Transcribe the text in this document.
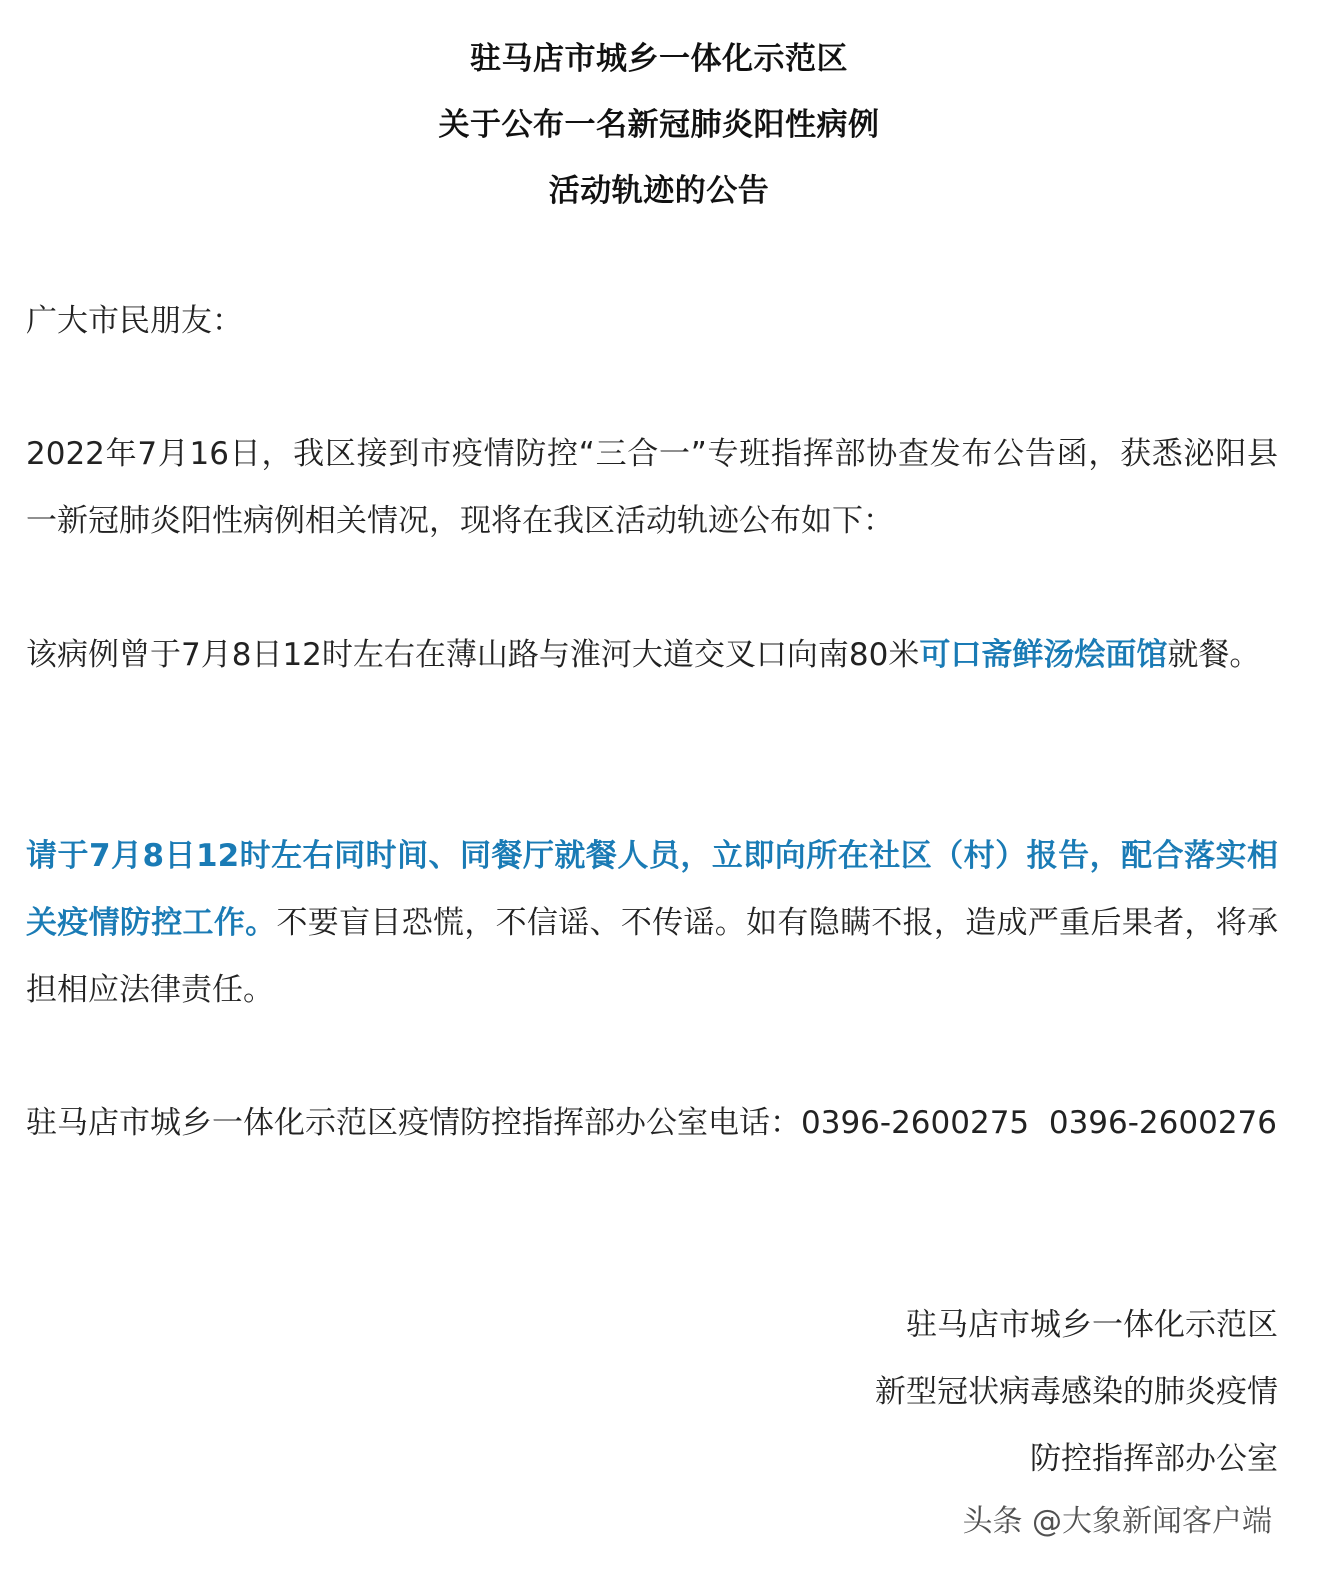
驻马店市城乡一体化示范区
关于公布一名新冠肺炎阳性病例
活动轨迹的公告
广大市民朋友：
2022年7月16日，我区接到市疫情防控“三合一”专班指挥部协查发布公告函，获悉泌阳县一新冠肺炎阳性病例相关情况，现将在我区活动轨迹公布如下：
该病例曾于7月8日12时左右在薄山路与淮河大道交叉口向南80米可口斋鲜汤烩面馆就餐。
请于7月8日12时左右同时间、同餐厅就餐人员，立即向所在社区（村）报告，配合落实相关疫情防控工作。不要盲目恐慌，不信谣、不传谣。如有隐瞒不报，造成严重后果者，将承担相应法律责任。
驻马店市城乡一体化示范区疫情防控指挥部办公室电话：0396-2600275  0396-2600276
驻马店市城乡一体化示范区
新型冠状病毒感染的肺炎疫情
防控指挥部办公室
头条 @大象新闻客户端
